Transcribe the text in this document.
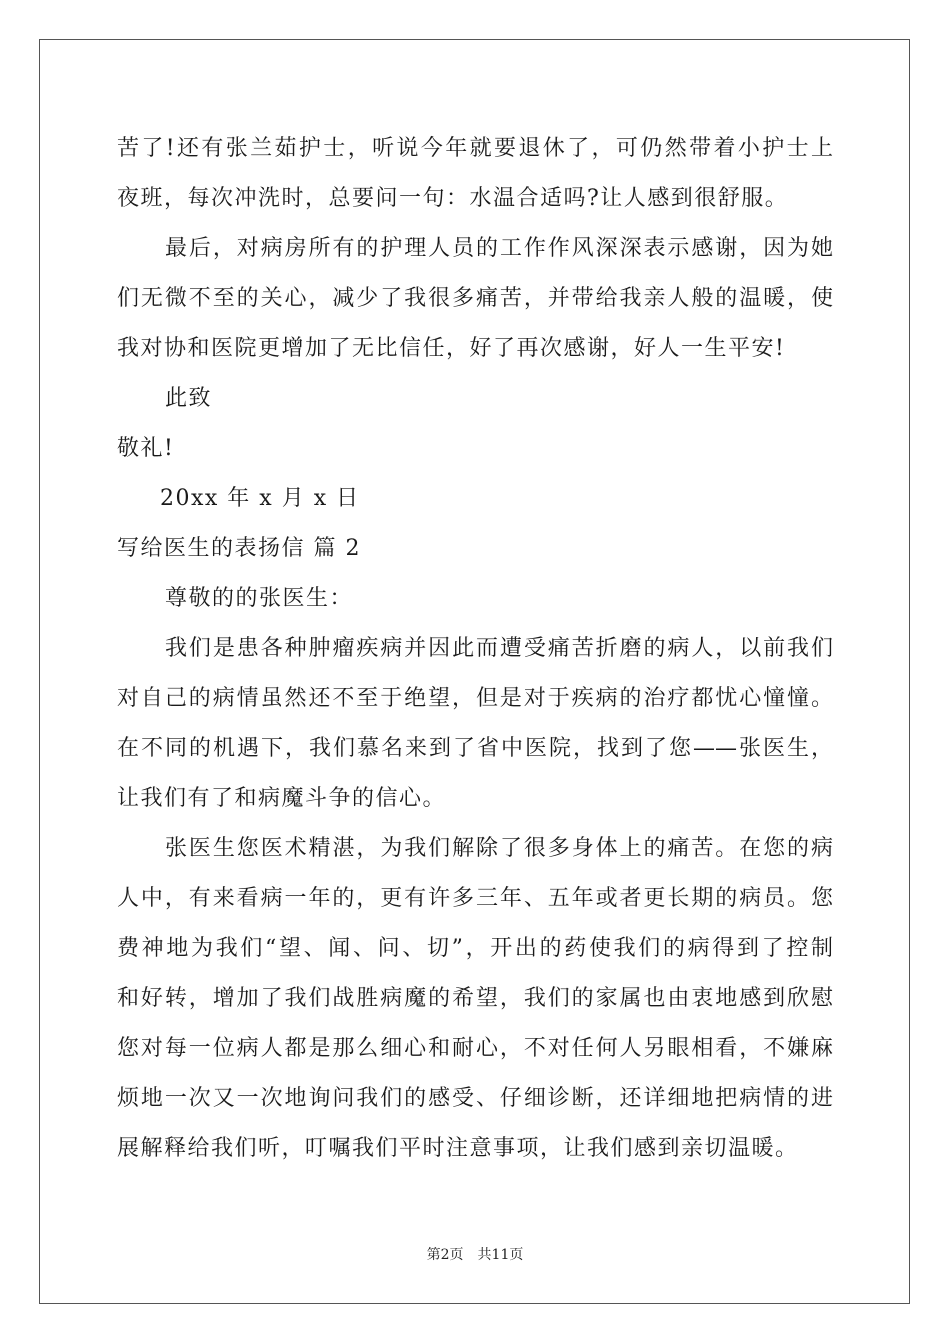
苦了!还有张兰茹护士，听说今年就要退休了，可仍然带着小护士上
夜班，每次冲洗时，总要问一句：水温合适吗?让人感到很舒服。
最后，对病房所有的护理人员的工作作风深深表示感谢，因为她
们无微不至的关心，减少了我很多痛苦，并带给我亲人般的温暖，使
我对协和医院更增加了无比信任，好了再次感谢，好人一生平安!
此致
敬礼!
20xx 年 x 月 x 日
写给医生的表扬信 篇 2
尊敬的的张医生：
我们是患各种肿瘤疾病并因此而遭受痛苦折磨的病人，以前我们
对自己的病情虽然还不至于绝望，但是对于疾病的治疗都忧心憧憧。
在不同的机遇下，我们慕名来到了省中医院，找到了您——张医生，
让我们有了和病魔斗争的信心。
张医生您医术精湛，为我们解除了很多身体上的痛苦。在您的病
人中，有来看病一年的，更有许多三年、五年或者更长期的病员。您
费神地为我们“望、闻、问、切”，开出的药使我们的病得到了控制
和好转，增加了我们战胜病魔的希望，我们的家属也由衷地感到欣慰
您对每一位病人都是那么细心和耐心，不对任何人另眼相看，不嫌麻
烦地一次又一次地询问我们的感受、仔细诊断，还详细地把病情的进
展解释给我们听，叮嘱我们平时注意事项，让我们感到亲切温暖。
第2页 共11页
